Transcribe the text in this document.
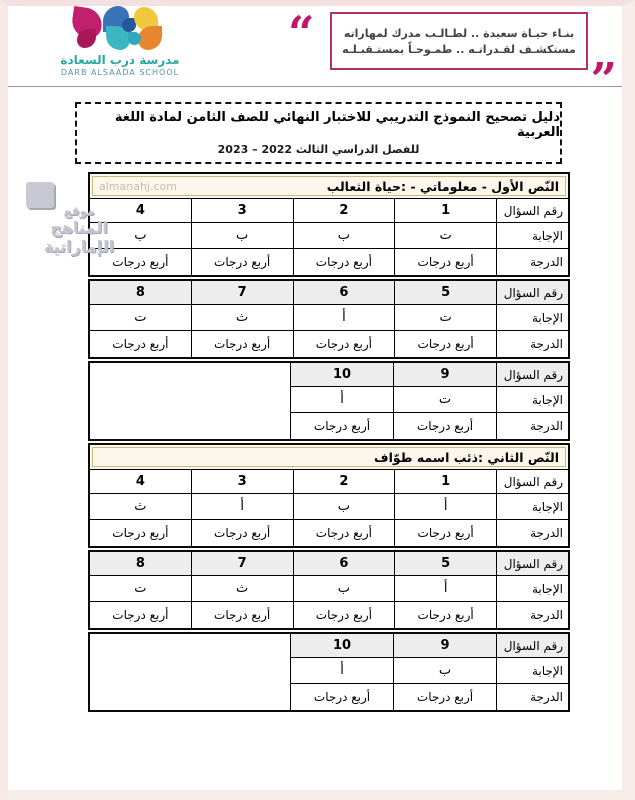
مدرسة درب السعادة
DARB ALSAADA SCHOOL
“	بنـاء حيـاة سعيدة .. لطـالـب مدرك لمهاراته
مستكشـف لقـدراتـه .. طمـوحـاً بمستـقبـلـه “
دليل تصحيح النموذج التدريبي للاختبار النهائي للصف الثامن لمادة اللغة العربية
للفصل الدراسي الثالث 2022 – 2023
موقع
المناهج الإماراتية
النّص الأول - معلوماتي - :حياة الثعالب
almanahj.com
رقم السؤال
1
2
3
4
الإجابة
ت
ب
ب
ب
الدرجة
أربع درجات
أربع درجات
أربع درجات
أربع درجات
رقم السؤال
5
6
7
8
الإجابة
ت
أ
ث
ت
الدرجة
أربع درجات
أربع درجات
أربع درجات
أربع درجات
رقم السؤال
9
10
الإجابة
ت
أ
الدرجة
أربع درجات
أربع درجات
النّص الثاني :ذئب اسمه طوّاف
رقم السؤال
1
2
3
4
الإجابة
أ
ب
أ
ث
الدرجة
أربع درجات
أربع درجات
أربع درجات
أربع درجات
رقم السؤال
5
6
7
8
الإجابة
أ
ب
ث
ت
الدرجة
أربع درجات
أربع درجات
أربع درجات
أربع درجات
رقم السؤال
9
10
الإجابة
ب
أ
الدرجة
أربع درجات
أربع درجات
